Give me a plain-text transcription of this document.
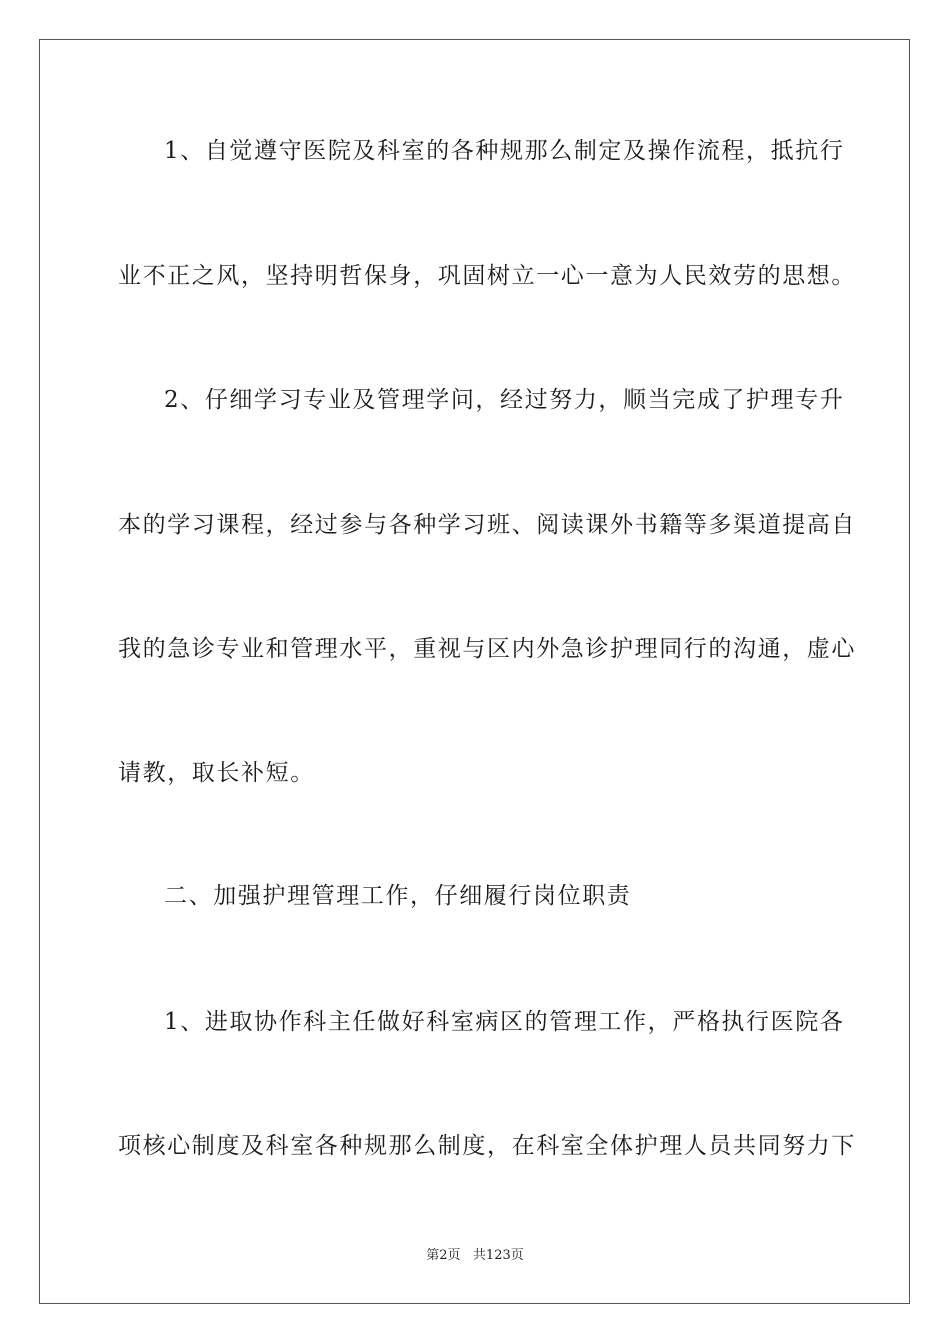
1、自觉遵守医院及科室的各种规那么制定及操作流程，抵抗行
业不正之风，坚持明哲保身，巩固树立一心一意为人民效劳的思想。
2、仔细学习专业及管理学问，经过努力，顺当完成了护理专升
本的学习课程，经过参与各种学习班、阅读课外书籍等多渠道提高自
我的急诊专业和管理水平，重视与区内外急诊护理同行的沟通，虚心
请教，取长补短。
二、加强护理管理工作，仔细履行岗位职责
1、进取协作科主任做好科室病区的管理工作，严格执行医院各
项核心制度及科室各种规那么制度，在科室全体护理人员共同努力下
第2页 共123页
